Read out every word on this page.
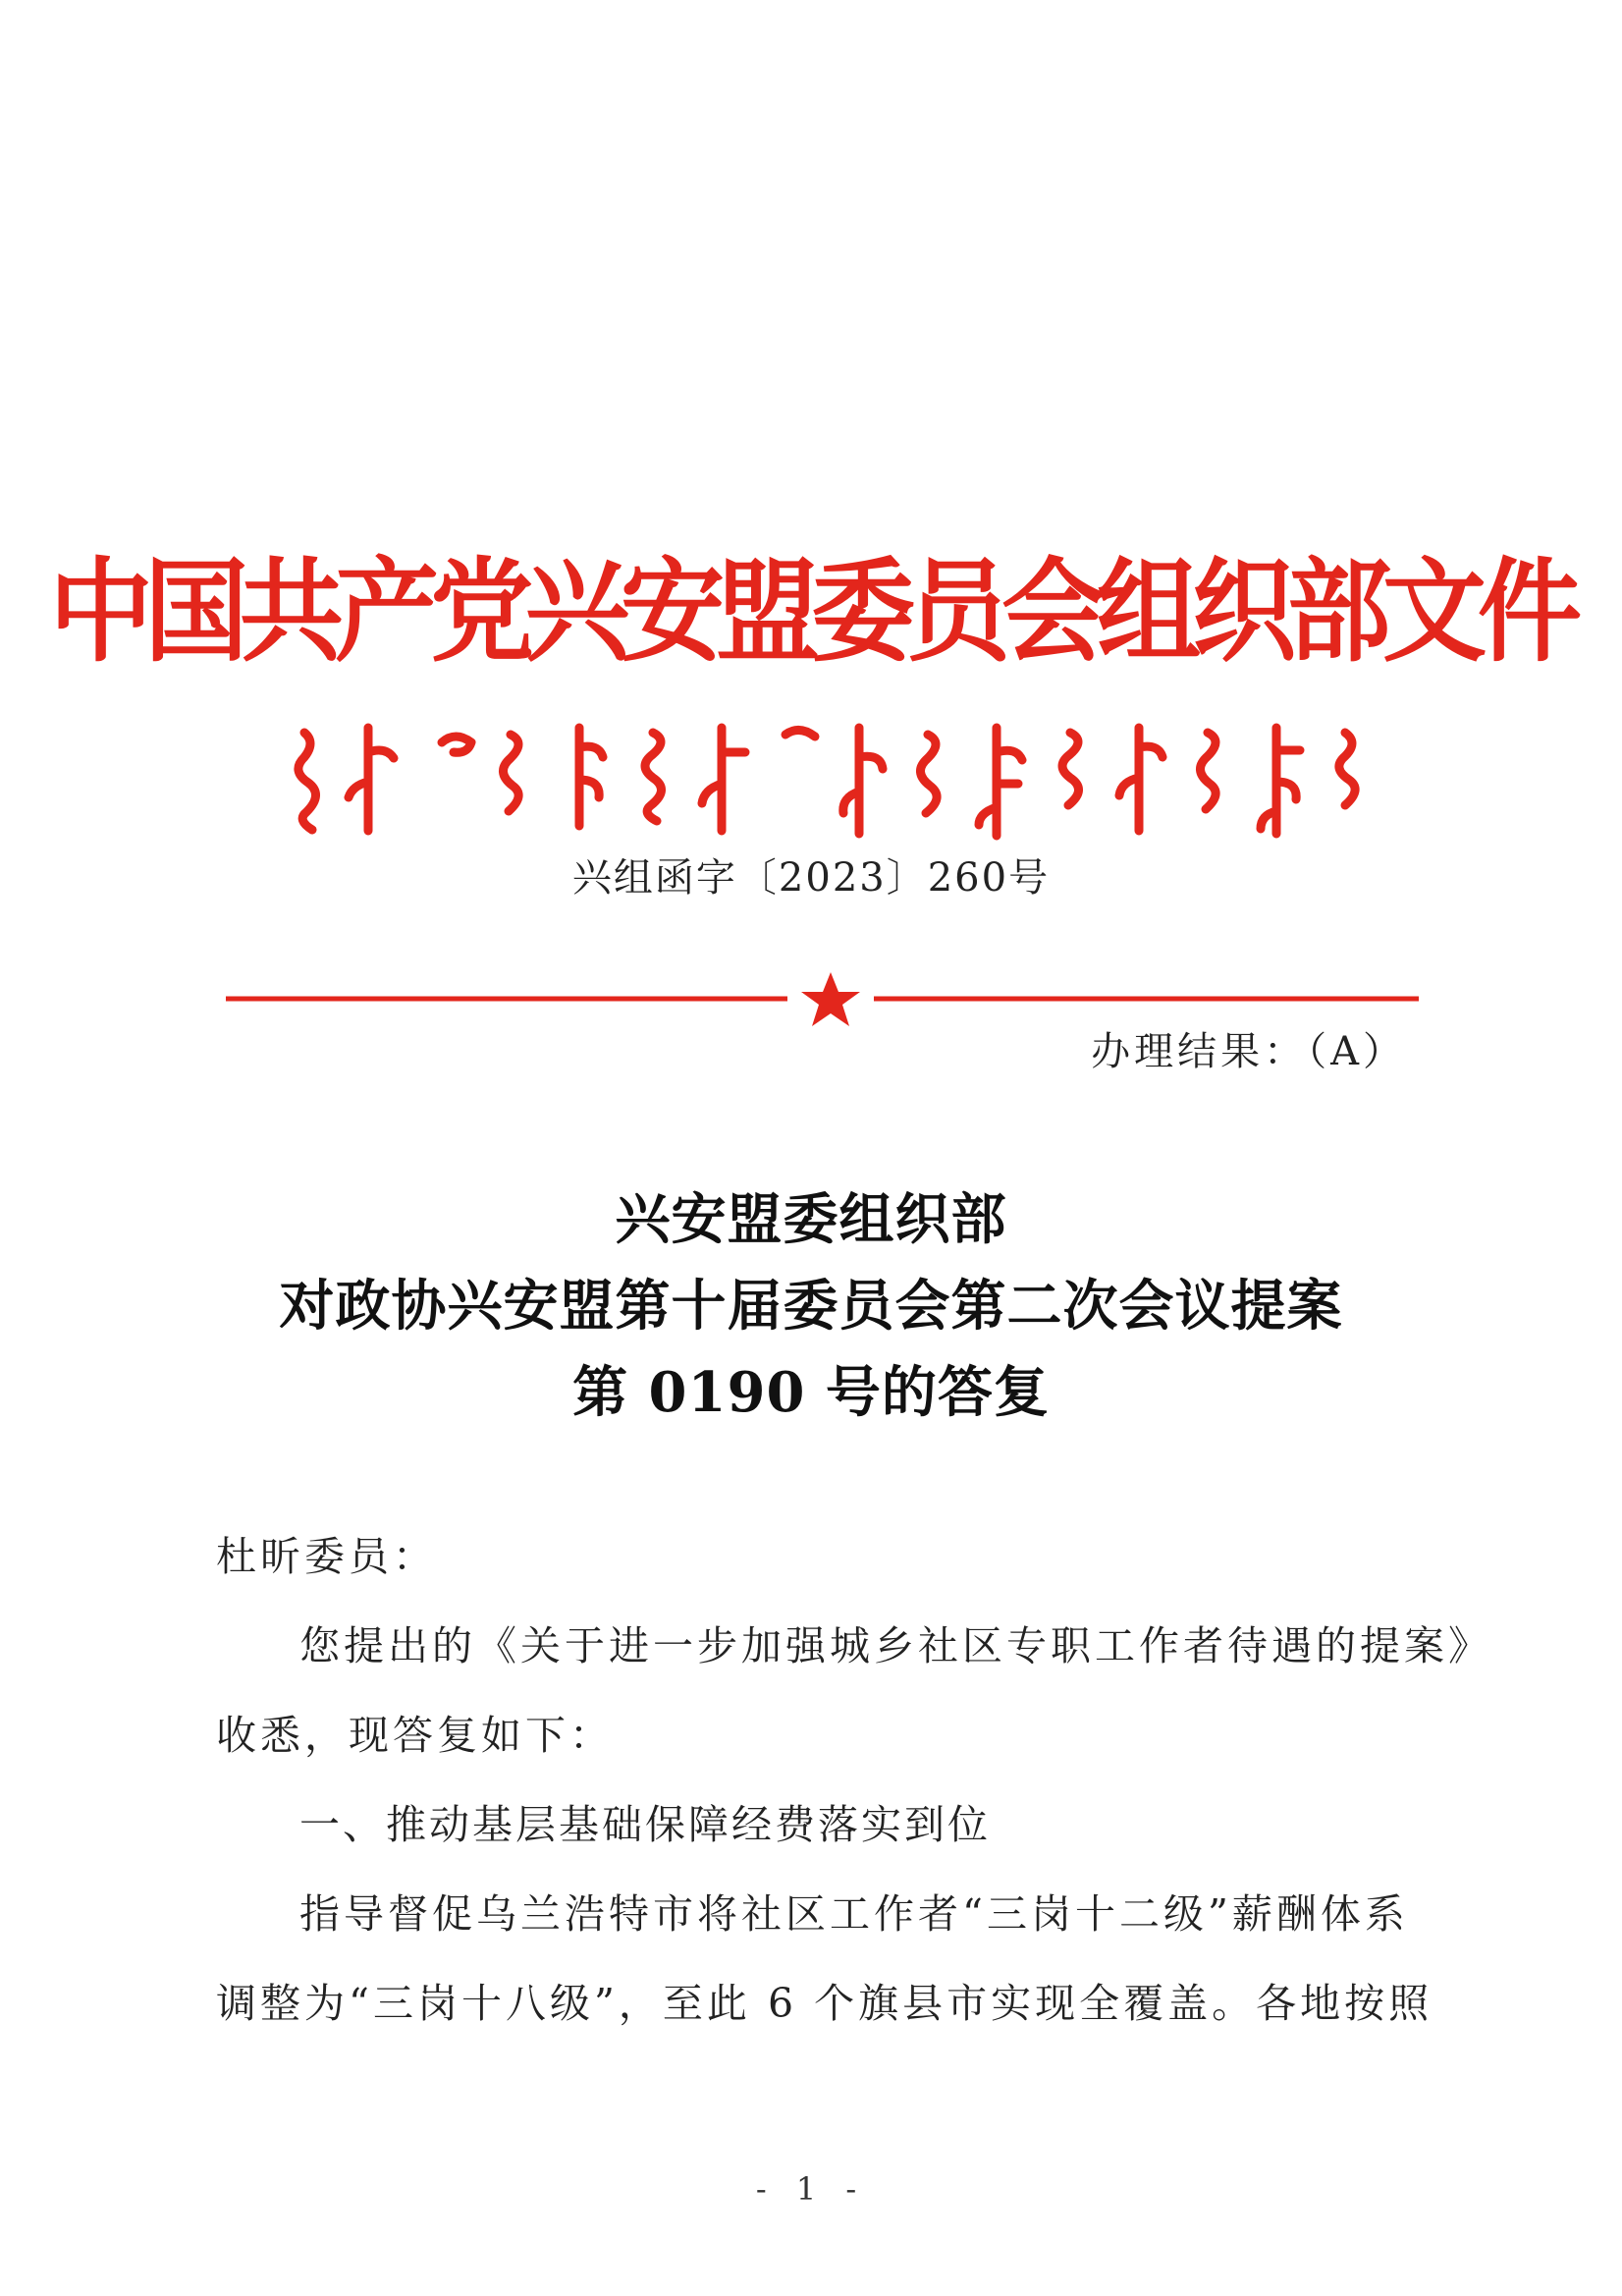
中国共产党兴安盟委员会组织部文件
兴组函字〔2023〕260号
办理结果：（A）
兴安盟委组织部
对政协兴安盟第十届委员会第二次会议提案
第 0190 号的答复

杜昕委员：

您提出的《关于进一步加强城乡社区专职工作者待遇的提案》

收悉，现答复如下：

一、推动基层基础保障经费落实到位

指导督促乌兰浩特市将社区工作者“三岗十二级”薪酬体系

调整为“三岗十八级”，至此 6 个旗县市实现全覆盖。各地按照

- 1 -
